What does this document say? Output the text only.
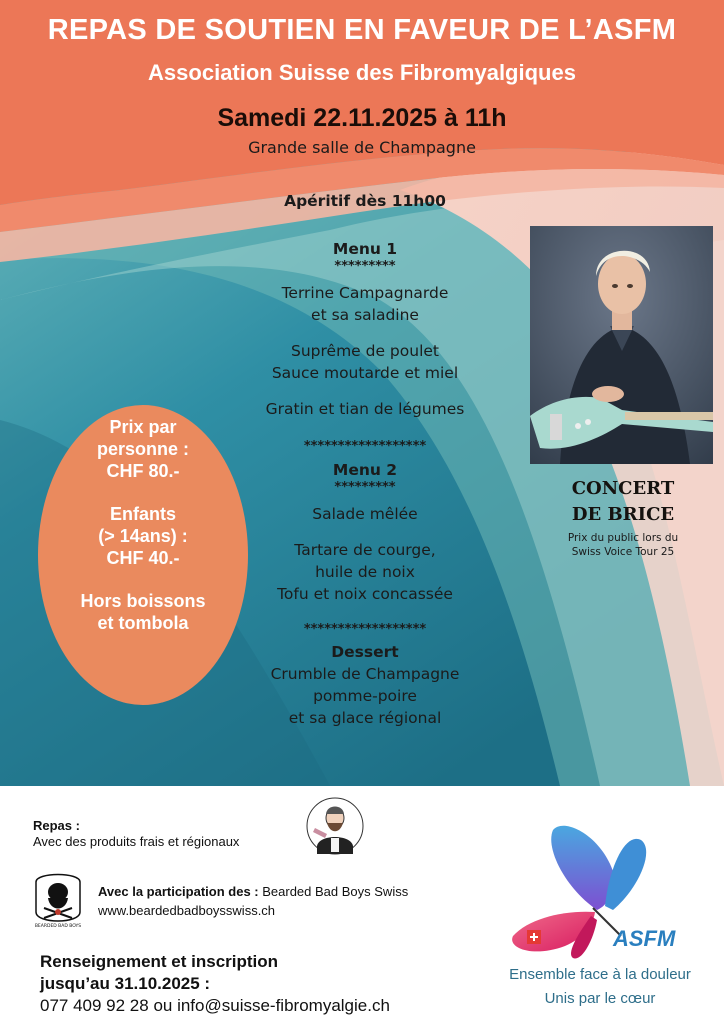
REPAS DE SOUTIEN EN FAVEUR DE L’ASFM
Association Suisse des Fibromyalgiques
Samedi 22.11.2025 à 11h
Grande salle de Champagne
Apéritif dès 11h00
Menu 1
*********
Terrine Campagnarde
et sa saladine
Suprême de poulet
Sauce moutarde et miel
Gratin et tian de légumes
******************
Menu 2
*********
Salade mêlée
Tartare de courge,
huile de noix
Tofu et noix concassée
******************
Dessert
Crumble de Champagne
pomme-poire
et sa glace régional
Prix par
personne :
CHF 80.-
Enfants
(> 14ans) :
CHF 40.-
Hors boissons
et tombola
CONCERT
DE BRICE
Prix du public lors du
Swiss Voice Tour 25
Repas :
Avec des produits frais et régionaux
BEARDED BAD BOYS
Avec la participation des : Bearded Bad Boys Swiss
www.beardedbadboysswiss.ch
Renseignement et inscription
jusqu’au 31.10.2025 :
077 409 92 28 ou info@suisse-fibromyalgie.ch
ASFM
Ensemble face à la douleur
Unis par le cœur
